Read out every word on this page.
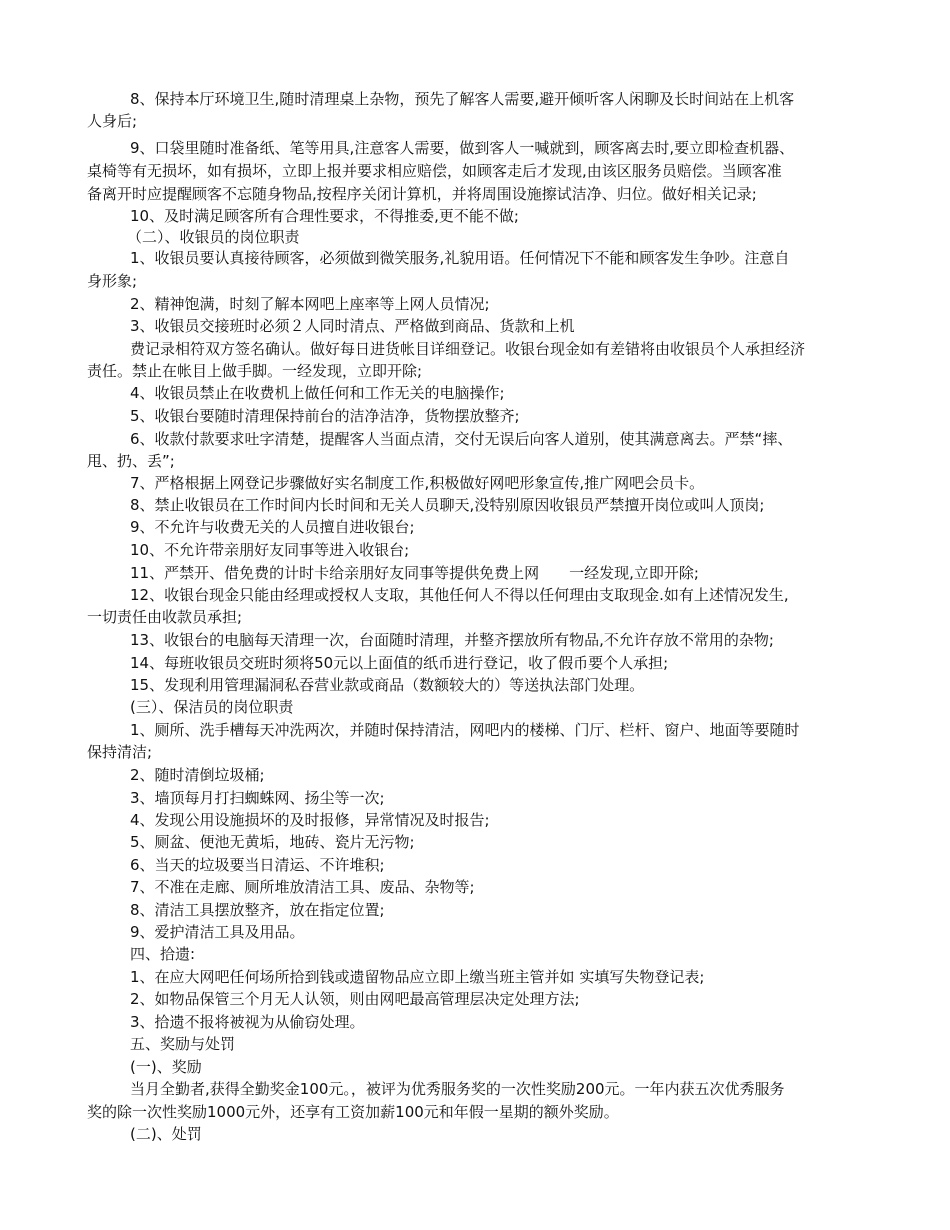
8、保持本厅环境卫生,随时清理桌上杂物，预先了解客人需要,避开倾听客人闲聊及长时间站在上机客
人身后;
9、口袋里随时准备纸、笔等用具,注意客人需要，做到客人一喊就到，顾客离去时,要立即检查机器、
桌椅等有无损坏，如有损坏，立即上报并要求相应赔偿，如顾客走后才发现,由该区服务员赔偿。当顾客准
备离开时应提醒顾客不忘随身物品,按程序关闭计算机，并将周围设施擦试洁净、归位。做好相关记录;
10、及时满足顾客所有合理性要求，不得推委,更不能不做;
（二）、收银员的岗位职责
1、收银员要认真接待顾客，必须做到微笑服务,礼貌用语。任何情况下不能和顾客发生争吵。注意自
身形象;
2、精神饱满，时刻了解本网吧上座率等上网人员情况;
3、收银员交接班时必须２人同时清点、严格做到商品、货款和上机
费记录相符双方签名确认。做好每日进货帐目详细登记。收银台现金如有差错将由收银员个人承担经济
责任。禁止在帐目上做手脚。一经发现，立即开除;
4、收银员禁止在收费机上做任何和工作无关的电脑操作;
5、收银台要随时清理保持前台的洁净洁净，货物摆放整齐;
6、收款付款要求吐字清楚，提醒客人当面点清，交付无误后向客人道别，使其满意离去。严禁“摔、
甩、扔、丢”;
7、严格根据上网登记步骤做好实名制度工作,积极做好网吧形象宣传,推广网吧会员卡。
8、禁止收银员在工作时间内长时间和无关人员聊天,没特别原因收银员严禁擅开岗位或叫人顶岗;
9、不允许与收费无关的人员擅自进收银台;
10、不允许带亲朋好友同事等进入收银台;
11、严禁开、借免费的计时卡给亲朋好友同事等提供免费上网　　一经发现,立即开除;
12、收银台现金只能由经理或授权人支取，其他任何人不得以任何理由支取现金.如有上述情况发生,
一切责任由收款员承担;
13、收银台的电脑每天清理一次，台面随时清理，并整齐摆放所有物品,不允许存放不常用的杂物;
14、每班收银员交班时须将50元以上面值的纸币进行登记，收了假币要个人承担;
15、发现利用管理漏洞私吞营业款或商品（数额较大的）等送执法部门处理。
(三）、保洁员的岗位职责
1、厕所、洗手槽每天冲洗两次，并随时保持清洁，网吧内的楼梯、门厅、栏杆、窗户、地面等要随时
保持清洁;
2、随时清倒垃圾桶;
3、墙顶每月打扫蜘蛛网、扬尘等一次;
4、发现公用设施损坏的及时报修，异常情况及时报告;
5、厕盆、便池无黄垢，地砖、瓷片无污物;
6、当天的垃圾要当日清运、不许堆积;
7、不准在走廊、厕所堆放清洁工具、废品、杂物等;
8、清洁工具摆放整齐，放在指定位置;
9、爱护清洁工具及用品。
四、拾遗:
1、在应大网吧任何场所拾到钱或遗留物品应立即上缴当班主管并如 实填写失物登记表;
2、如物品保管三个月无人认领，则由网吧最高管理层决定处理方法;
3、拾遗不报将被视为从偷窃处理。
五、奖励与处罚
(一)、奖励
当月全勤者,获得全勤奖金100元。，被评为优秀服务奖的一次性奖励200元。一年内获五次优秀服务
奖的除一次性奖励1000元外，还享有工资加薪100元和年假一星期的额外奖励。
(二)、处罚
